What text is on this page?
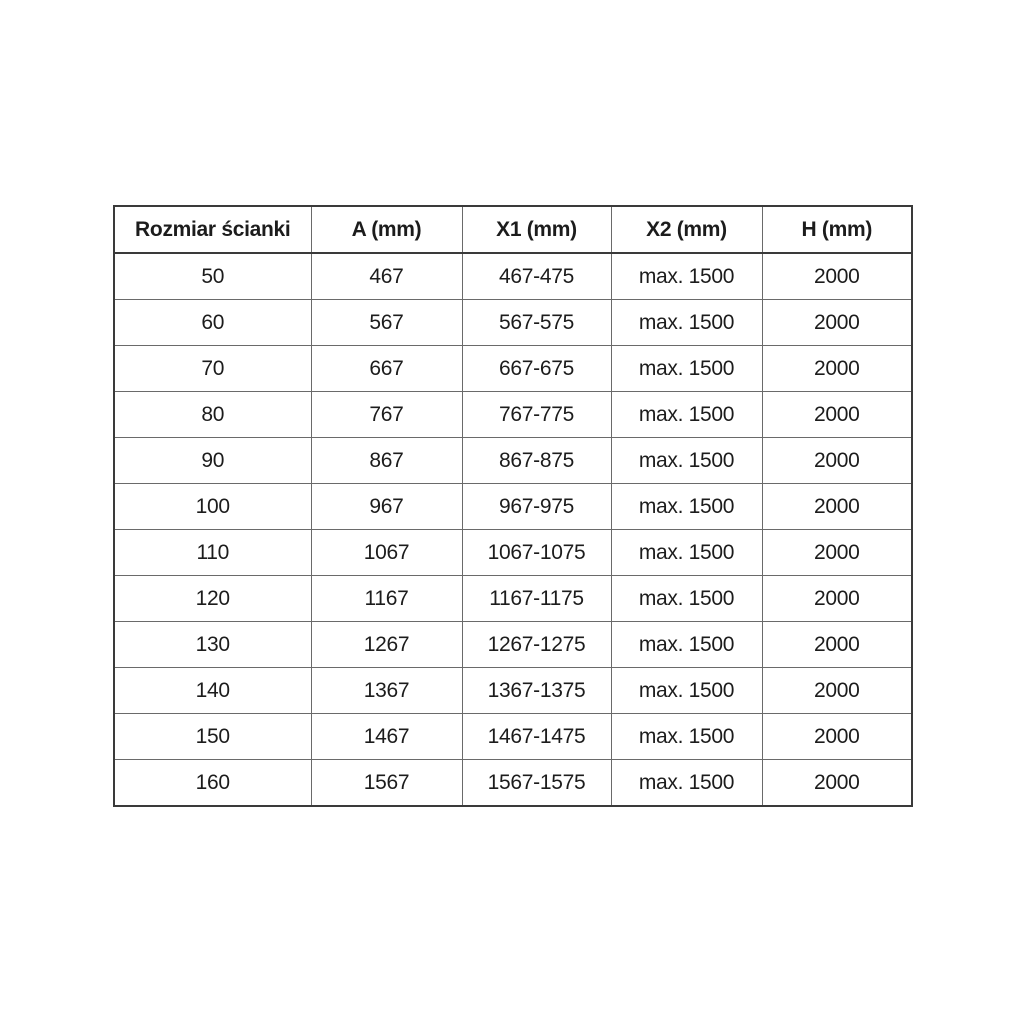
Rozmiar ścianki	A (mm)	X1 (mm)	X2 (mm)	H (mm)
50	467	467-475	max. 1500	2000
60	567	567-575	max. 1500	2000
70	667	667-675	max. 1500	2000
80	767	767-775	max. 1500	2000
90	867	867-875	max. 1500	2000
100	967	967-975	max. 1500	2000
110	1067	1067-1075	max. 1500	2000
120	1167	1167-1175	max. 1500	2000
130	1267	1267-1275	max. 1500	2000
140	1367	1367-1375	max. 1500	2000
150	1467	1467-1475	max. 1500	2000
160	1567	1567-1575	max. 1500	2000
